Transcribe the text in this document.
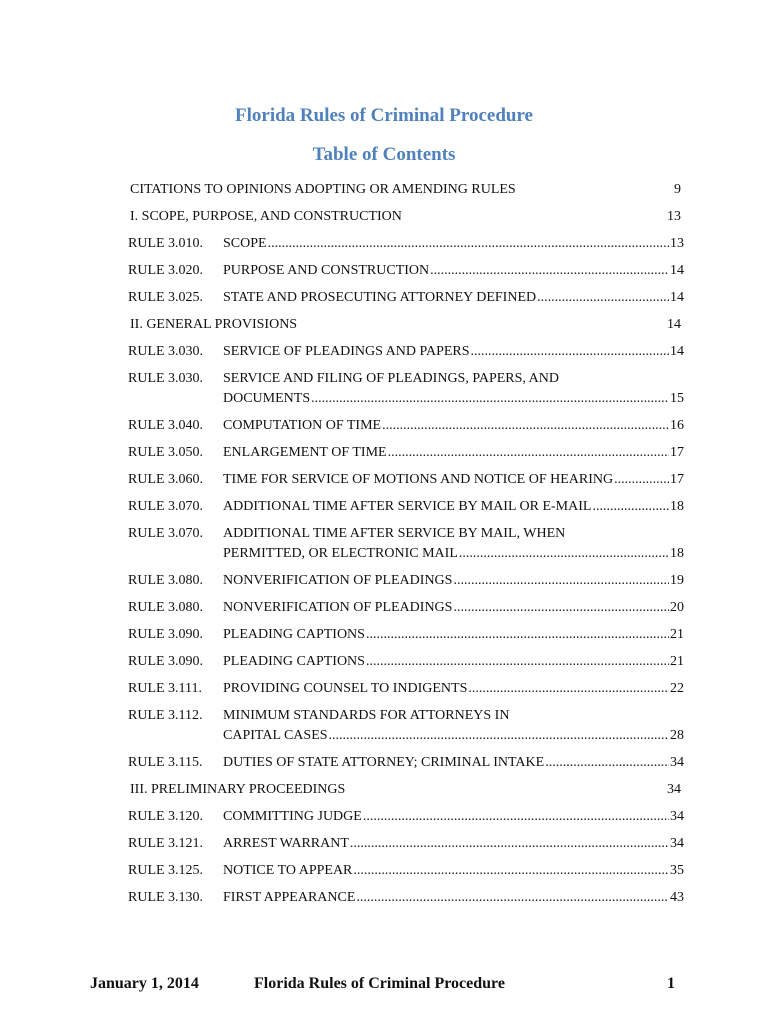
Florida Rules of Criminal Procedure
Table of Contents
CITATIONS TO OPINIONS ADOPTING OR AMENDING RULES	9
I. SCOPE, PURPOSE, AND CONSTRUCTION	13
RULE 3.010. SCOPE .....	13
RULE 3.020. PURPOSE AND CONSTRUCTION .....	14
RULE 3.025. STATE AND PROSECUTING ATTORNEY DEFINED .....	14
II. GENERAL PROVISIONS	14
RULE 3.030. SERVICE OF PLEADINGS AND PAPERS .....	14
RULE 3.030. SERVICE AND FILING OF PLEADINGS, PAPERS, AND
DOCUMENTS .....	15
RULE 3.040. COMPUTATION OF TIME .....	16
RULE 3.050. ENLARGEMENT OF TIME .....	17
RULE 3.060. TIME FOR SERVICE OF MOTIONS AND NOTICE OF HEARING .....	17
RULE 3.070. ADDITIONAL TIME AFTER SERVICE BY MAIL OR E-MAIL .....	18
RULE 3.070. ADDITIONAL TIME AFTER SERVICE BY MAIL, WHEN
PERMITTED, OR ELECTRONIC MAIL .....	18
RULE 3.080. NONVERIFICATION OF PLEADINGS .....	19
RULE 3.080. NONVERIFICATION OF PLEADINGS .....	20
RULE 3.090. PLEADING CAPTIONS .....	21
RULE 3.090. PLEADING CAPTIONS .....	21
RULE 3.111. PROVIDING COUNSEL TO INDIGENTS .....	22
RULE 3.112. MINIMUM STANDARDS FOR ATTORNEYS IN
CAPITAL CASES .....	28
RULE 3.115. DUTIES OF STATE ATTORNEY; CRIMINAL INTAKE .....	34
III. PRELIMINARY PROCEEDINGS	34
RULE 3.120. COMMITTING JUDGE .....	34
RULE 3.121. ARREST WARRANT .....	34
RULE 3.125. NOTICE TO APPEAR .....	35
RULE 3.130. FIRST APPEARANCE .....	43
January 1, 2014	Florida Rules of Criminal Procedure	1
